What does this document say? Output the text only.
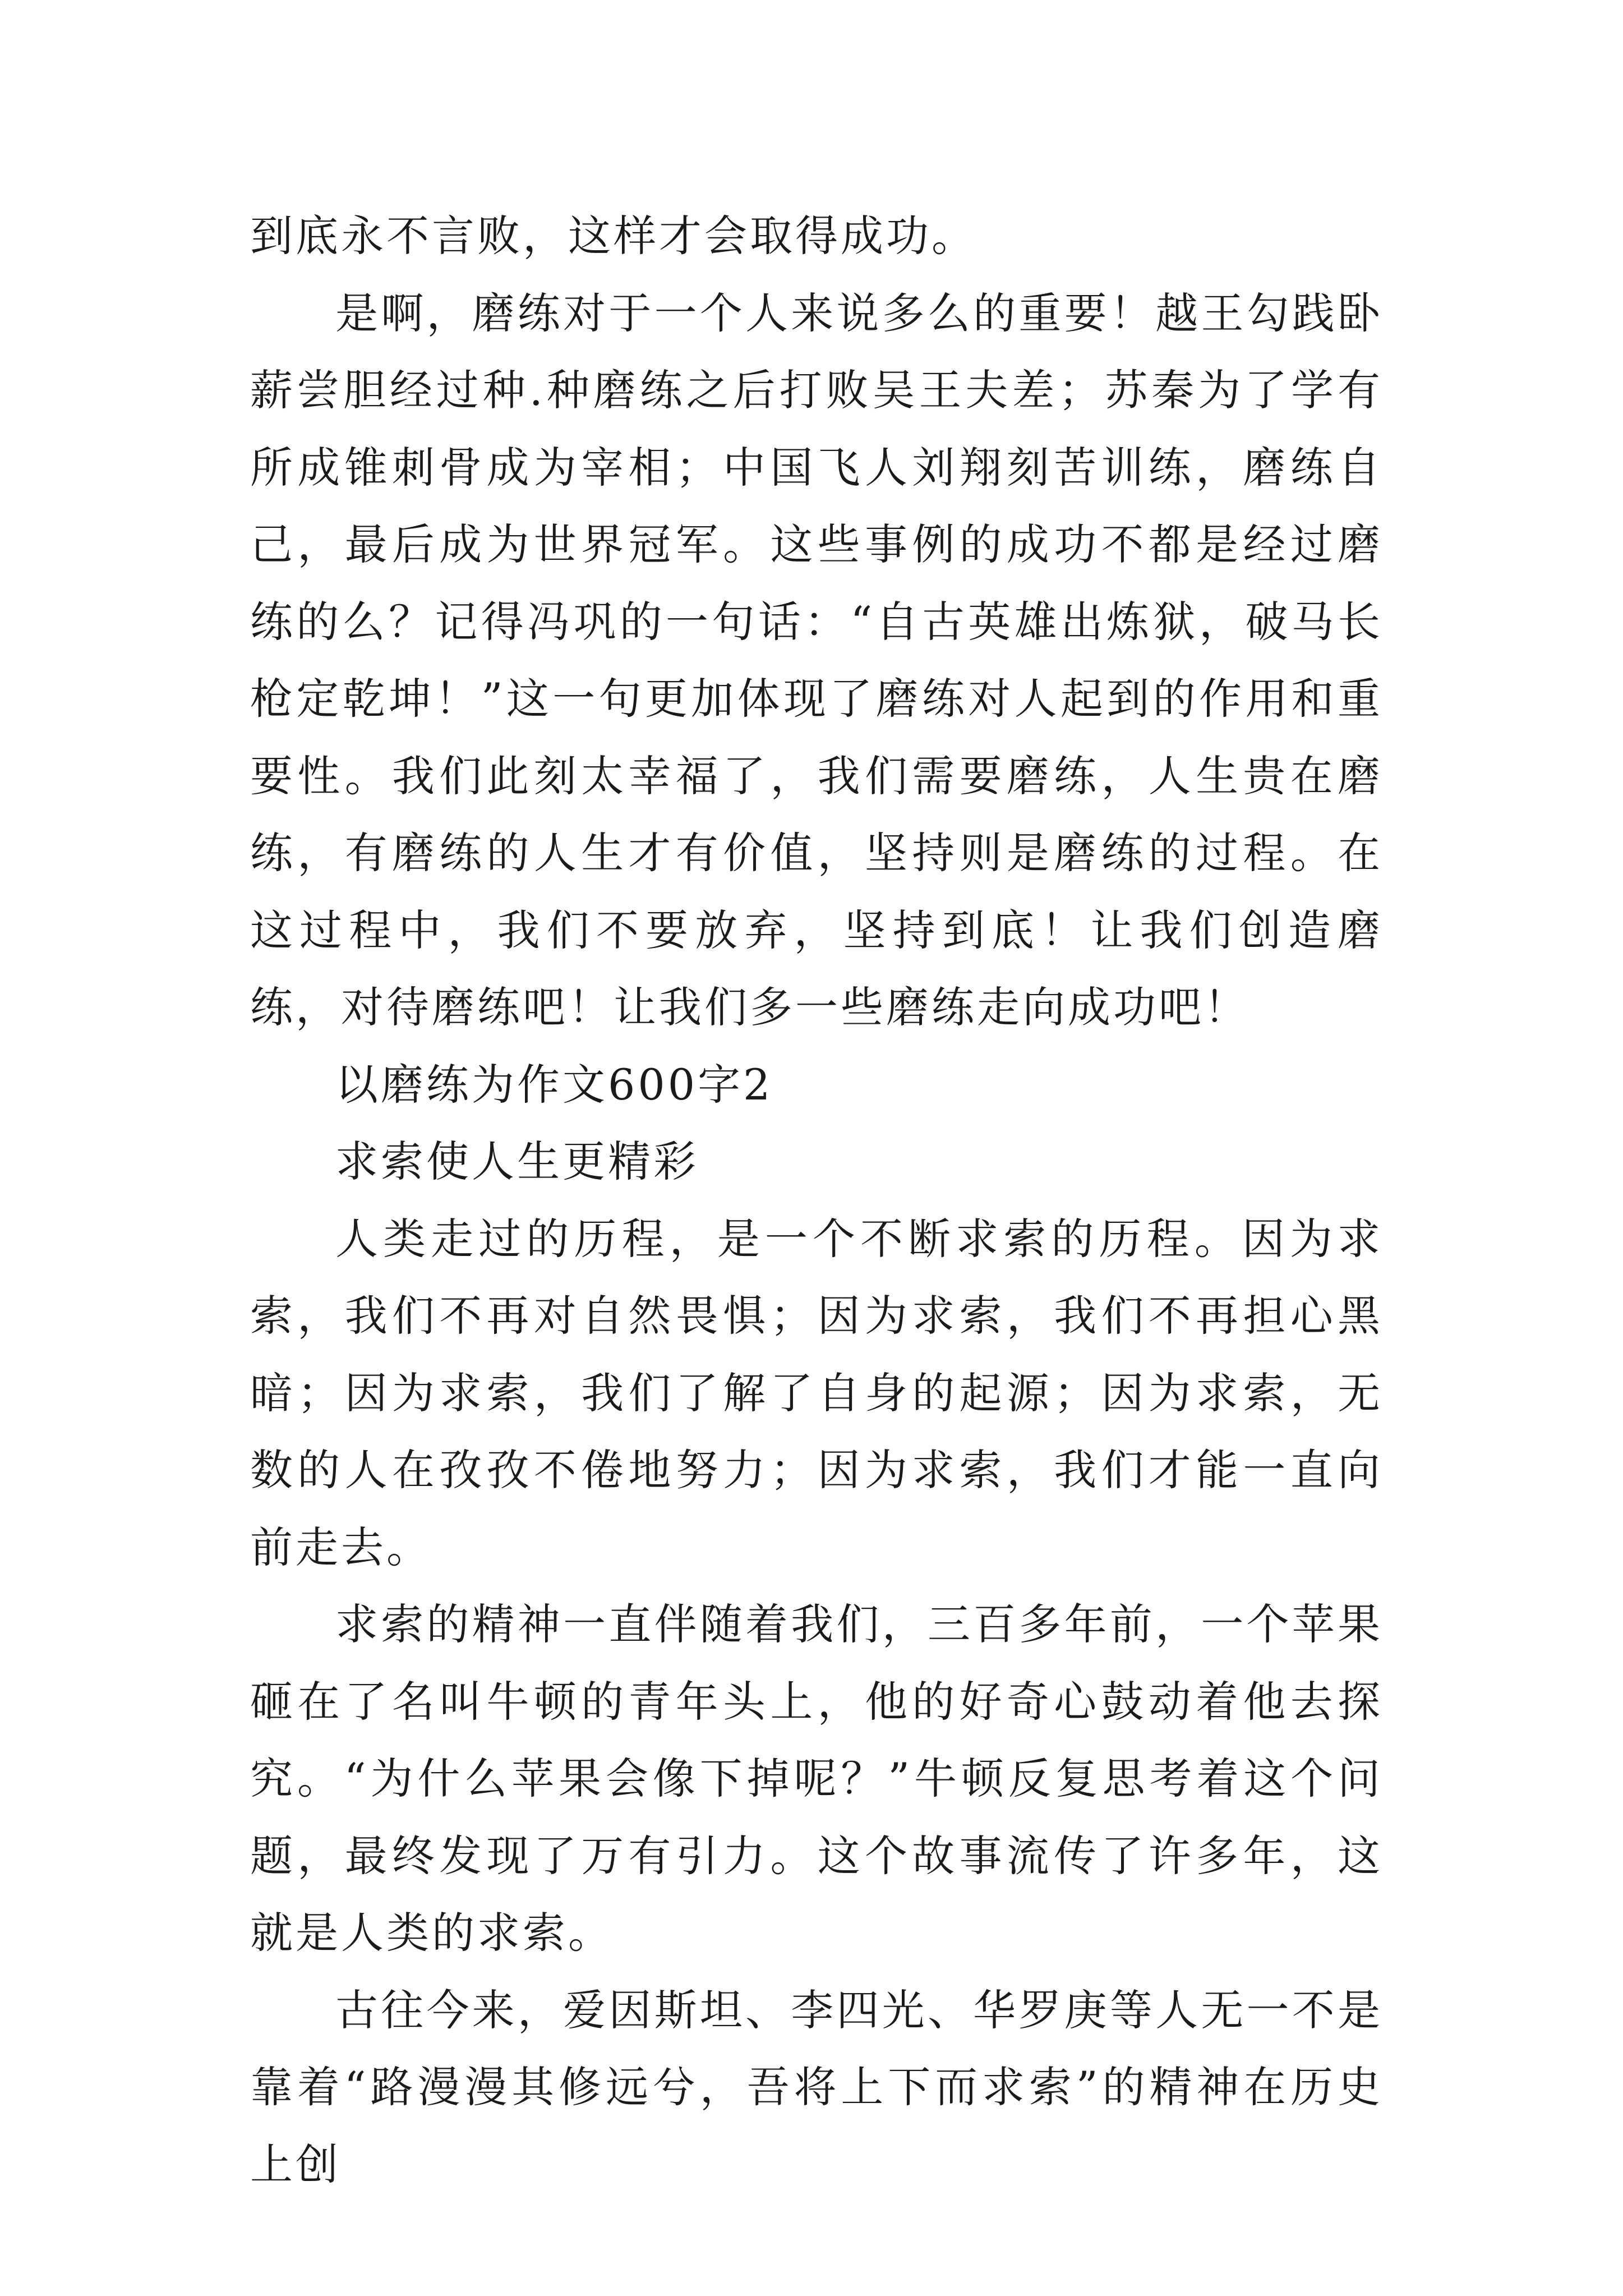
到底永不言败，这样才会取得成功。

是啊，磨练对于一个人来说多么的重要！越王勾践卧薪尝胆经过种.种磨练之后打败吴王夫差；苏秦为了学有所成锥刺骨成为宰相；中国飞人刘翔刻苦训练，磨练自己，最后成为世界冠军。这些事例的成功不都是经过磨练的么？记得冯巩的一句话：“自古英雄出炼狱，破马长枪定乾坤！”这一句更加体现了磨练对人起到的作用和重要性。我们此刻太幸福了，我们需要磨练，人生贵在磨练，有磨练的人生才有价值，坚持则是磨练的过程。在这过程中，我们不要放弃，坚持到底！让我们创造磨练，对待磨练吧！让我们多一些磨练走向成功吧！

以磨练为作文600字2

求索使人生更精彩

人类走过的历程，是一个不断求索的历程。因为求索，我们不再对自然畏惧；因为求索，我们不再担心黑暗；因为求索，我们了解了自身的起源；因为求索，无数的人在孜孜不倦地努力；因为求索，我们才能一直向前走去。

求索的精神一直伴随着我们，三百多年前，一个苹果砸在了名叫牛顿的青年头上，他的好奇心鼓动着他去探究。“为什么苹果会像下掉呢？”牛顿反复思考着这个问题，最终发现了万有引力。这个故事流传了许多年，这就是人类的求索。

古往今来，爱因斯坦、李四光、华罗庚等人无一不是靠着“路漫漫其修远兮，吾将上下而求索”的精神在历史上创
